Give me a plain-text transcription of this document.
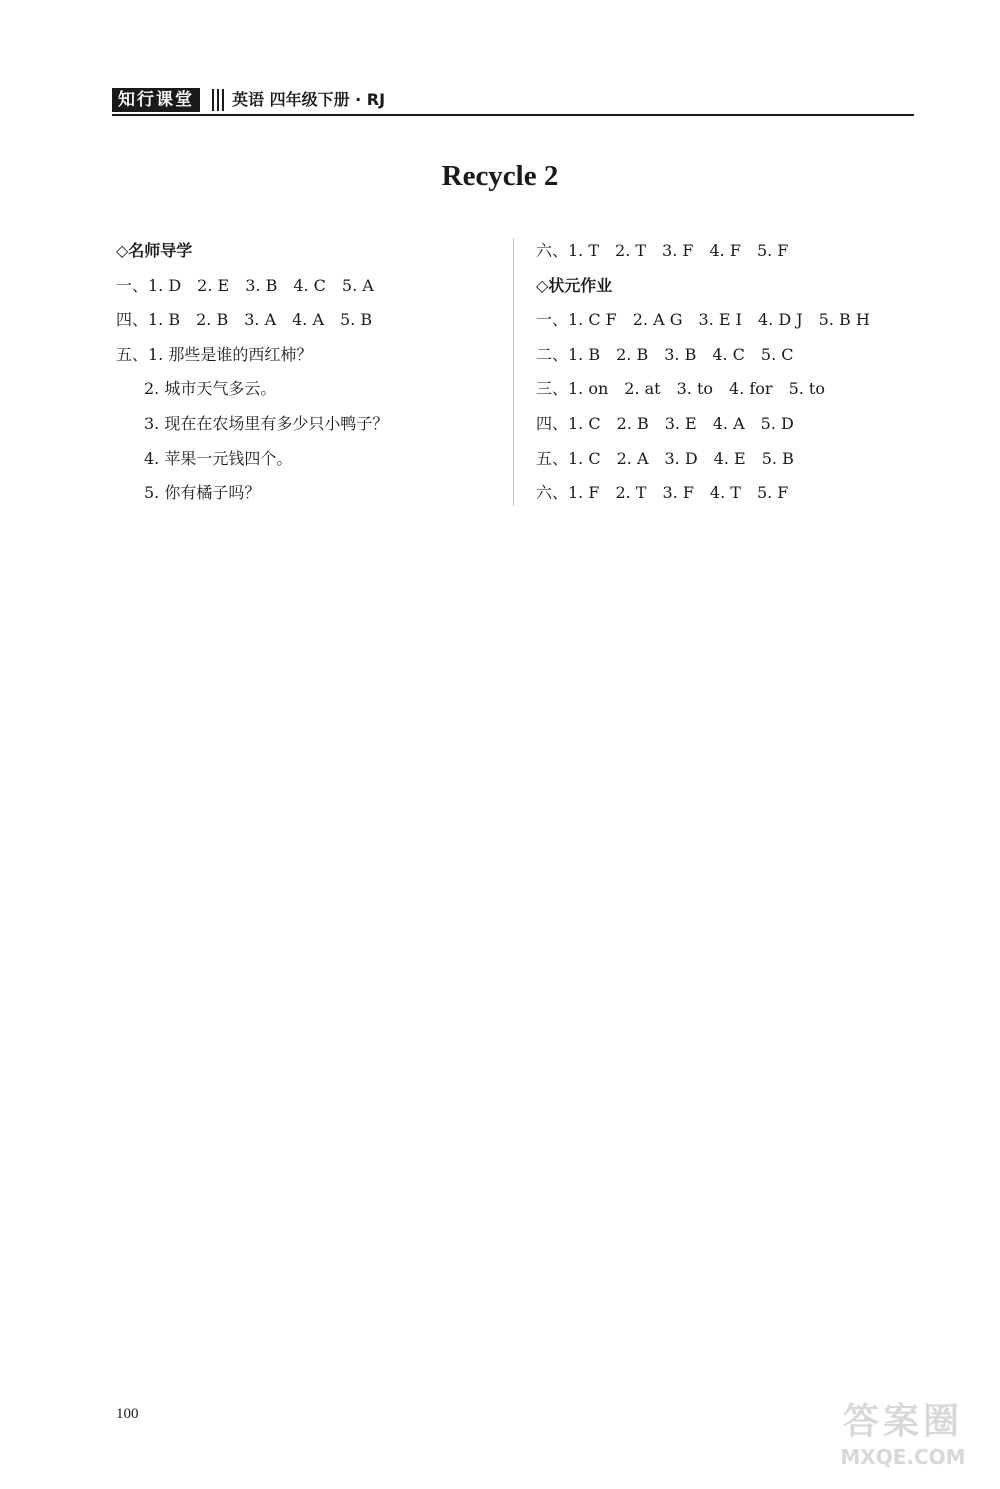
知行课堂	英语 四年级下册 · RJ
Recycle 2
◇名师导学
一、1. D　2. E　3. B　4. C　5. A
四、1. B　2. B　3. A　4. A　5. B
五、1. 那些是谁的西红柿？
2. 城市天气多云。
3. 现在在农场里有多少只小鸭子？
4. 苹果一元钱四个。
5. 你有橘子吗？
六、1. T　2. T　3. F　4. F　5. F
◇状元作业
一、1. C F　2. A G　3. E I　4. D J　5. B H
二、1. B　2. B　3. B　4. C　5. C
三、1. on　2. at　3. to　4. for　5. to
四、1. C　2. B　3. E　4. A　5. D
五、1. C　2. A　3. D　4. E　5. B
六、1. F　2. T　3. F　4. T　5. F
100	答案圈
MXQE.COM
